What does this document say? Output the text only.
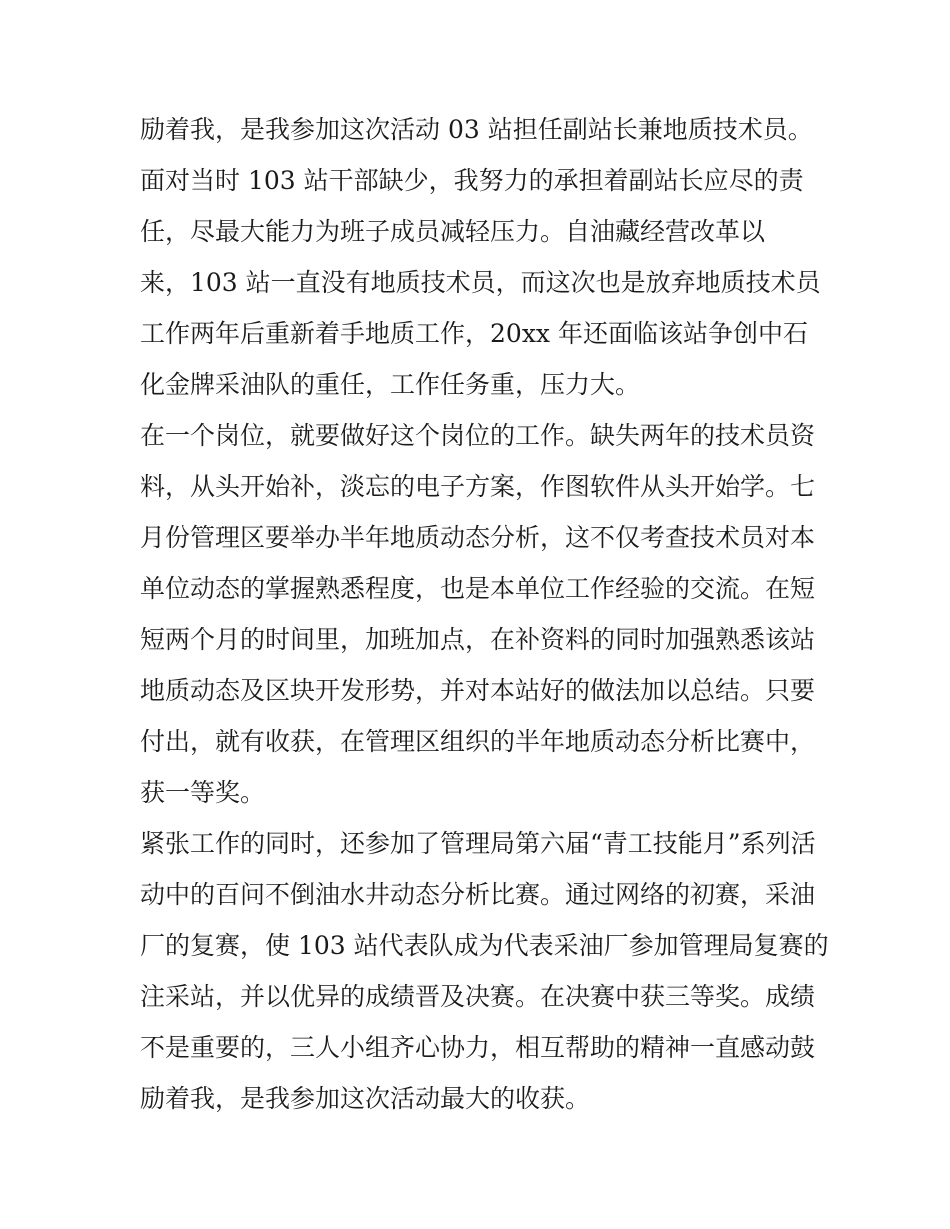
励着我，是我参加这次活动 03 站担任副站长兼地质技术员。
面对当时 103 站干部缺少，我努力的承担着副站长应尽的责
任，尽最大能力为班子成员减轻压力。自油藏经营改革以
来，103 站一直没有地质技术员，而这次也是放弃地质技术员
工作两年后重新着手地质工作，20xx 年还面临该站争创中石
化金牌采油队的重任，工作任务重，压力大。
在一个岗位，就要做好这个岗位的工作。缺失两年的技术员资
料，从头开始补，淡忘的电子方案，作图软件从头开始学。七
月份管理区要举办半年地质动态分析，这不仅考查技术员对本
单位动态的掌握熟悉程度，也是本单位工作经验的交流。在短
短两个月的时间里，加班加点，在补资料的同时加强熟悉该站
地质动态及区块开发形势，并对本站好的做法加以总结。只要
付出，就有收获，在管理区组织的半年地质动态分析比赛中，
获一等奖。
紧张工作的同时，还参加了管理局第六届“青工技能月”系列活
动中的百问不倒油水井动态分析比赛。通过网络的初赛，采油
厂的复赛，使 103 站代表队成为代表采油厂参加管理局复赛的
注采站，并以优异的成绩晋及决赛。在决赛中获三等奖。成绩
不是重要的，三人小组齐心协力，相互帮助的精神一直感动鼓
励着我，是我参加这次活动最大的收获。
